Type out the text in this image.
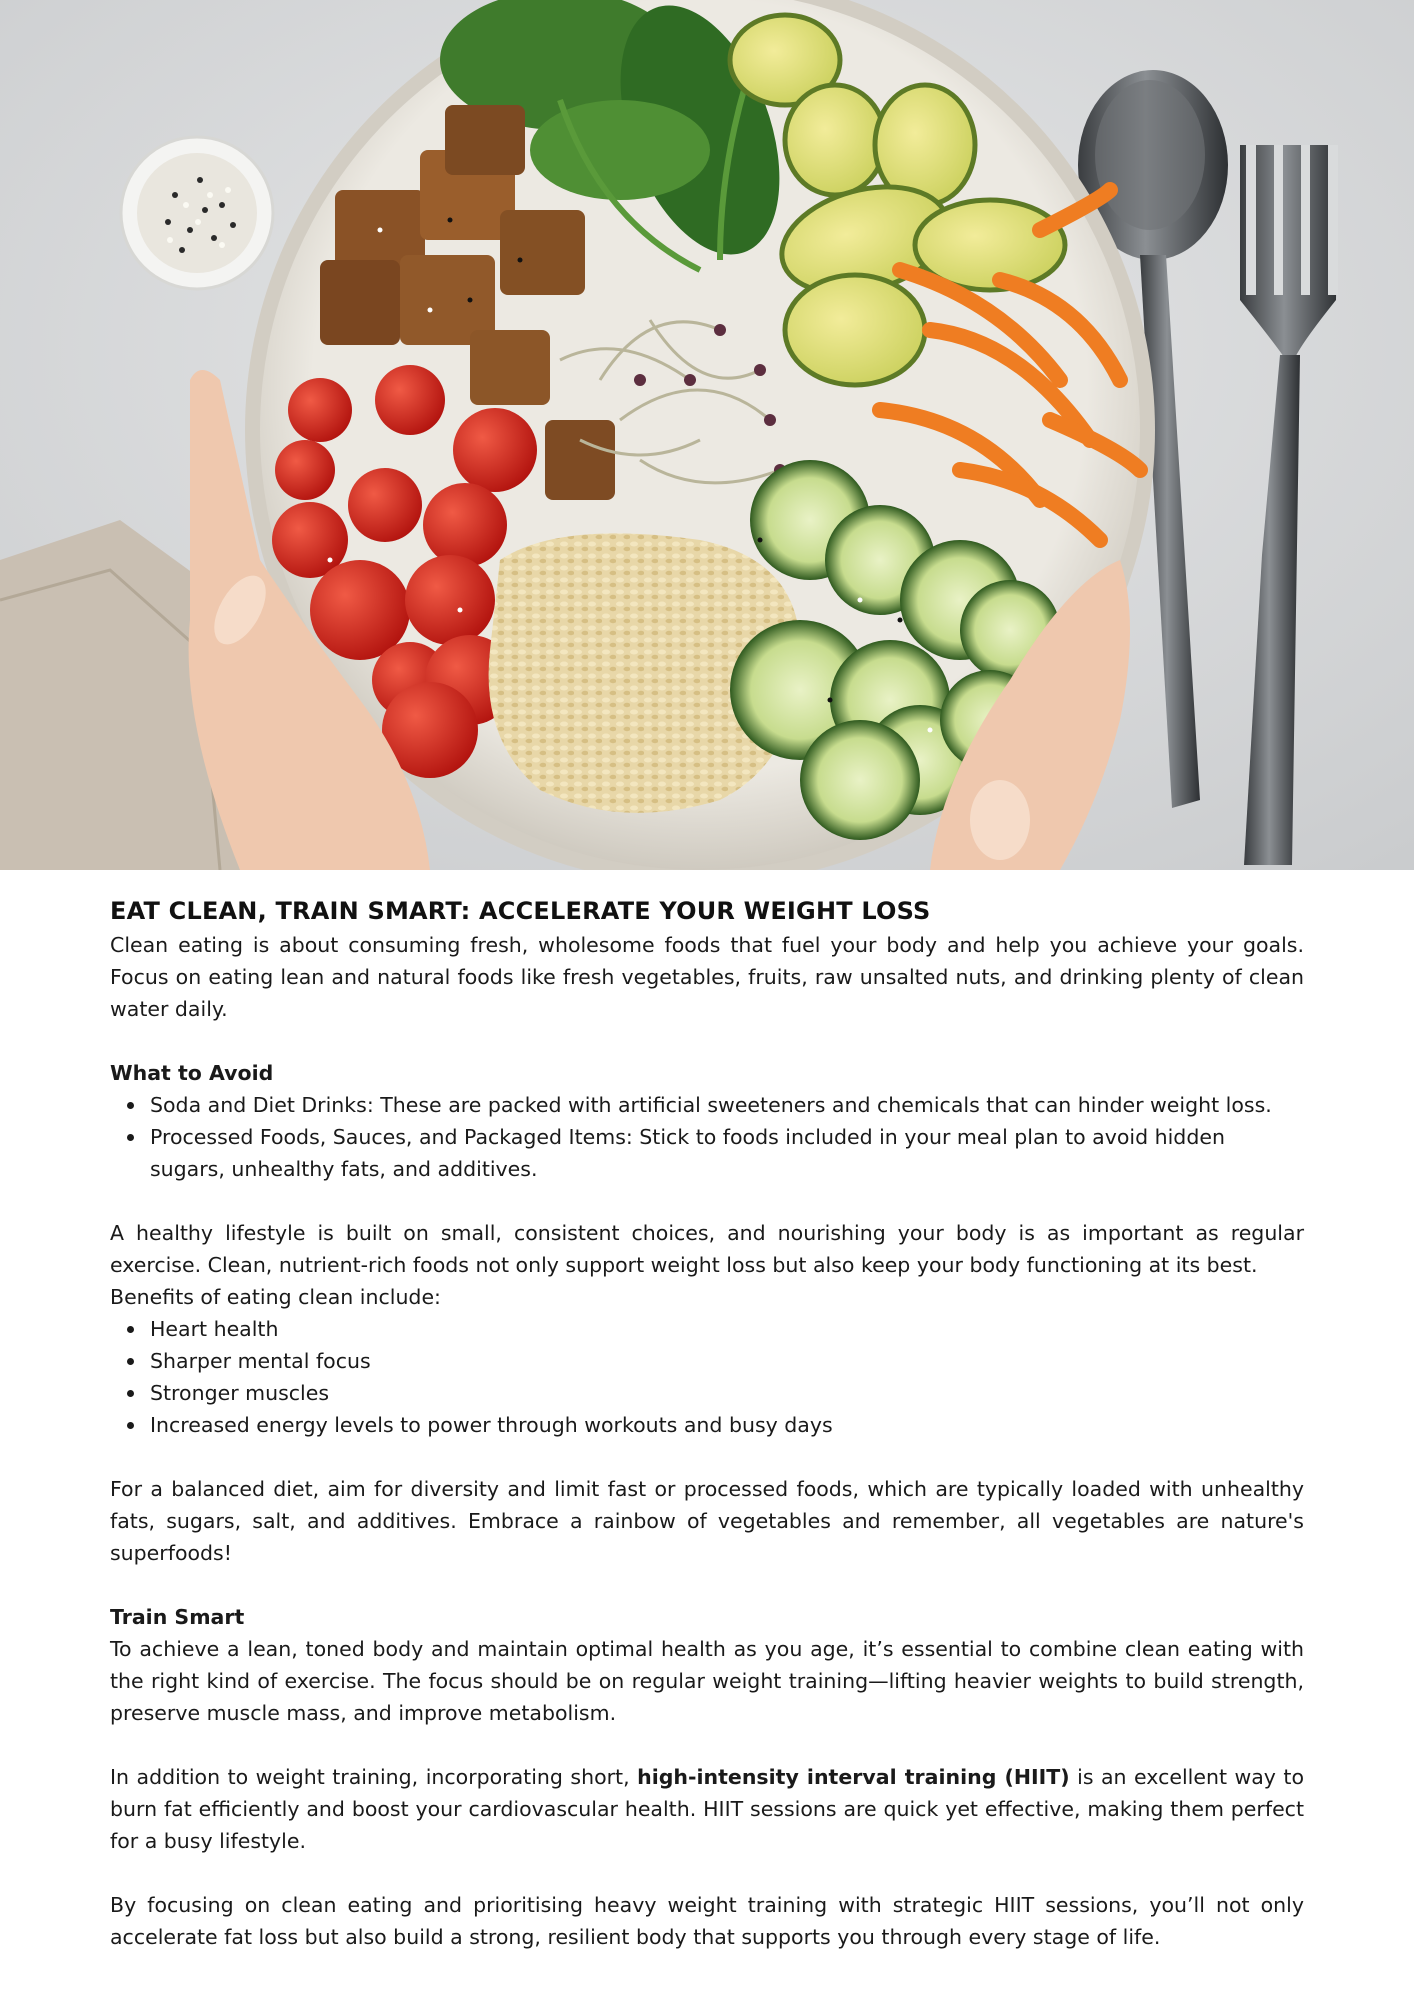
EAT CLEAN, TRAIN SMART: ACCELERATE YOUR WEIGHT LOSS

Clean eating is about consuming fresh, wholesome foods that fuel your body and help you achieve your goals. Focus on eating lean and natural foods like fresh vegetables, fruits, raw unsalted nuts, and drinking plenty of clean water daily.

What to Avoid
Soda and Diet Drinks: These are packed with artificial sweeteners and chemicals that can hinder weight loss.
Processed Foods, Sauces, and Packaged Items: Stick to foods included in your meal plan to avoid hidden sugars, unhealthy fats, and additives.

A healthy lifestyle is built on small, consistent choices, and nourishing your body is as important as regular exercise. Clean, nutrient-rich foods not only support weight loss but also keep your body functioning at its best.

Benefits of eating clean include:
Heart health
Sharper mental focus
Stronger muscles
Increased energy levels to power through workouts and busy days

For a balanced diet, aim for diversity and limit fast or processed foods, which are typically loaded with unhealthy fats, sugars, salt, and additives. Embrace a rainbow of vegetables and remember, all vegetables are nature's superfoods!

Train Smart

To achieve a lean, toned body and maintain optimal health as you age, it’s essential to combine clean eating with the right kind of exercise. The focus should be on regular weight training—lifting heavier weights to build strength, preserve muscle mass, and improve metabolism.

In addition to weight training, incorporating short, high-intensity interval training (HIIT) is an excellent way to burn fat efficiently and boost your cardiovascular health. HIIT sessions are quick yet effective, making them perfect for a busy lifestyle.

By focusing on clean eating and prioritising heavy weight training with strategic HIIT sessions, you’ll not only accelerate fat loss but also build a strong, resilient body that supports you through every stage of life.
